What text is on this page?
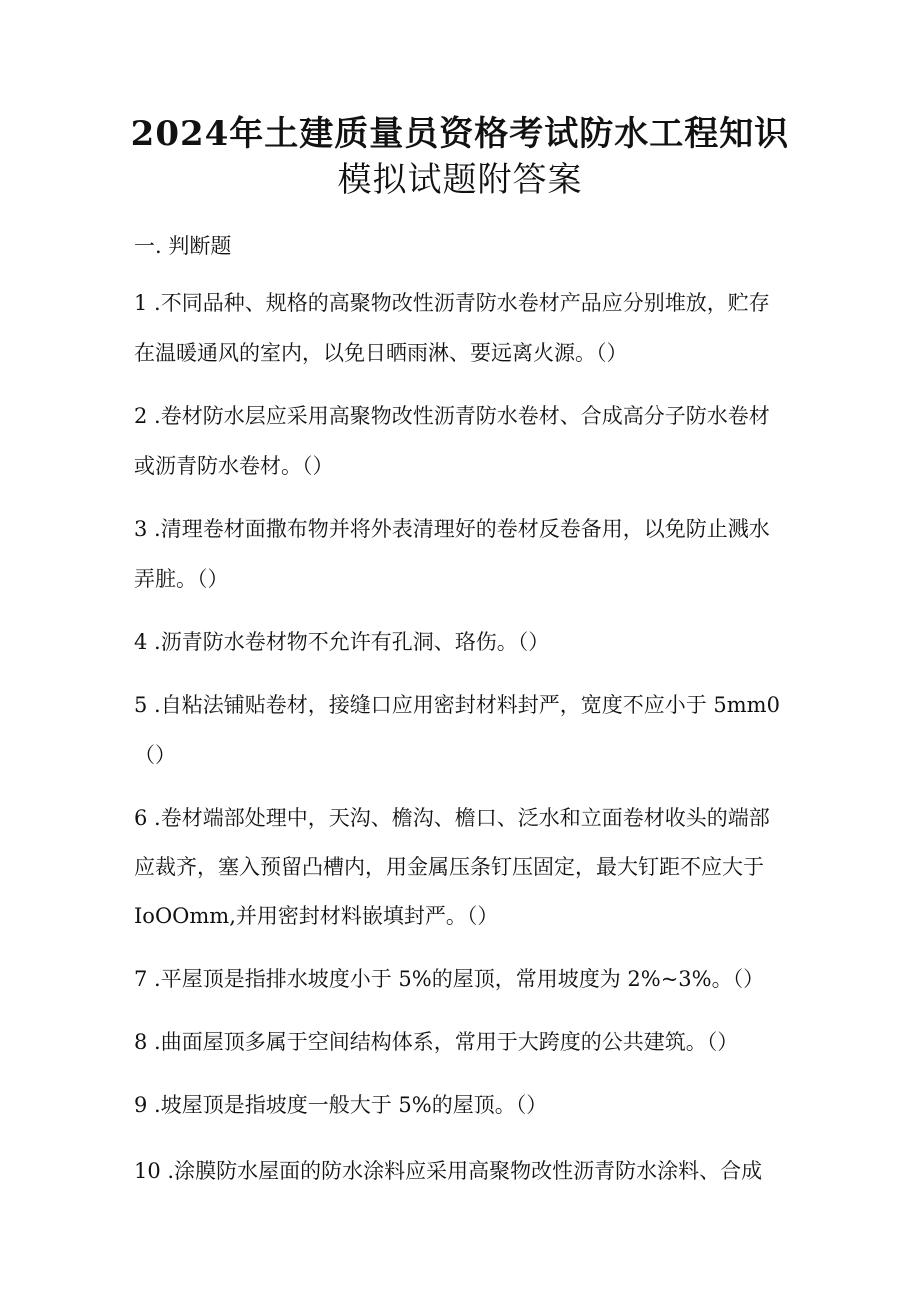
2024年土建质量员资格考试防水工程知识
模拟试题附答案

一. 判断题

1 .不同品种、规格的高聚物改性沥青防水卷材产品应分别堆放，贮存

在温暖通风的室内，以免日晒雨淋、要远离火源。（）

2 .卷材防水层应采用高聚物改性沥青防水卷材、合成高分子防水卷材

或沥青防水卷材。（）

3 .清理卷材面撒布物并将外表清理好的卷材反卷备用，以免防止溅水

弄脏。（）

4 .沥青防水卷材物不允许有孔洞、珞伤。（）

5 .自粘法铺贴卷材，接缝口应用密封材料封严，宽度不应小于 5mm0

（）

6 .卷材端部处理中，天沟、檐沟、檐口、泛水和立面卷材收头的端部

应裁齐，塞入预留凸槽内，用金属压条钉压固定，最大钉距不应大于

IoOOmm,并用密封材料嵌填封严。（）

7 .平屋顶是指排水坡度小于 5%的屋顶，常用坡度为 2%~3%。（）

8 .曲面屋顶多属于空间结构体系，常用于大跨度的公共建筑。（）

9 .坡屋顶是指坡度一般大于 5%的屋顶。（）

10 .涂膜防水屋面的防水涂料应采用高聚物改性沥青防水涂料、合成
